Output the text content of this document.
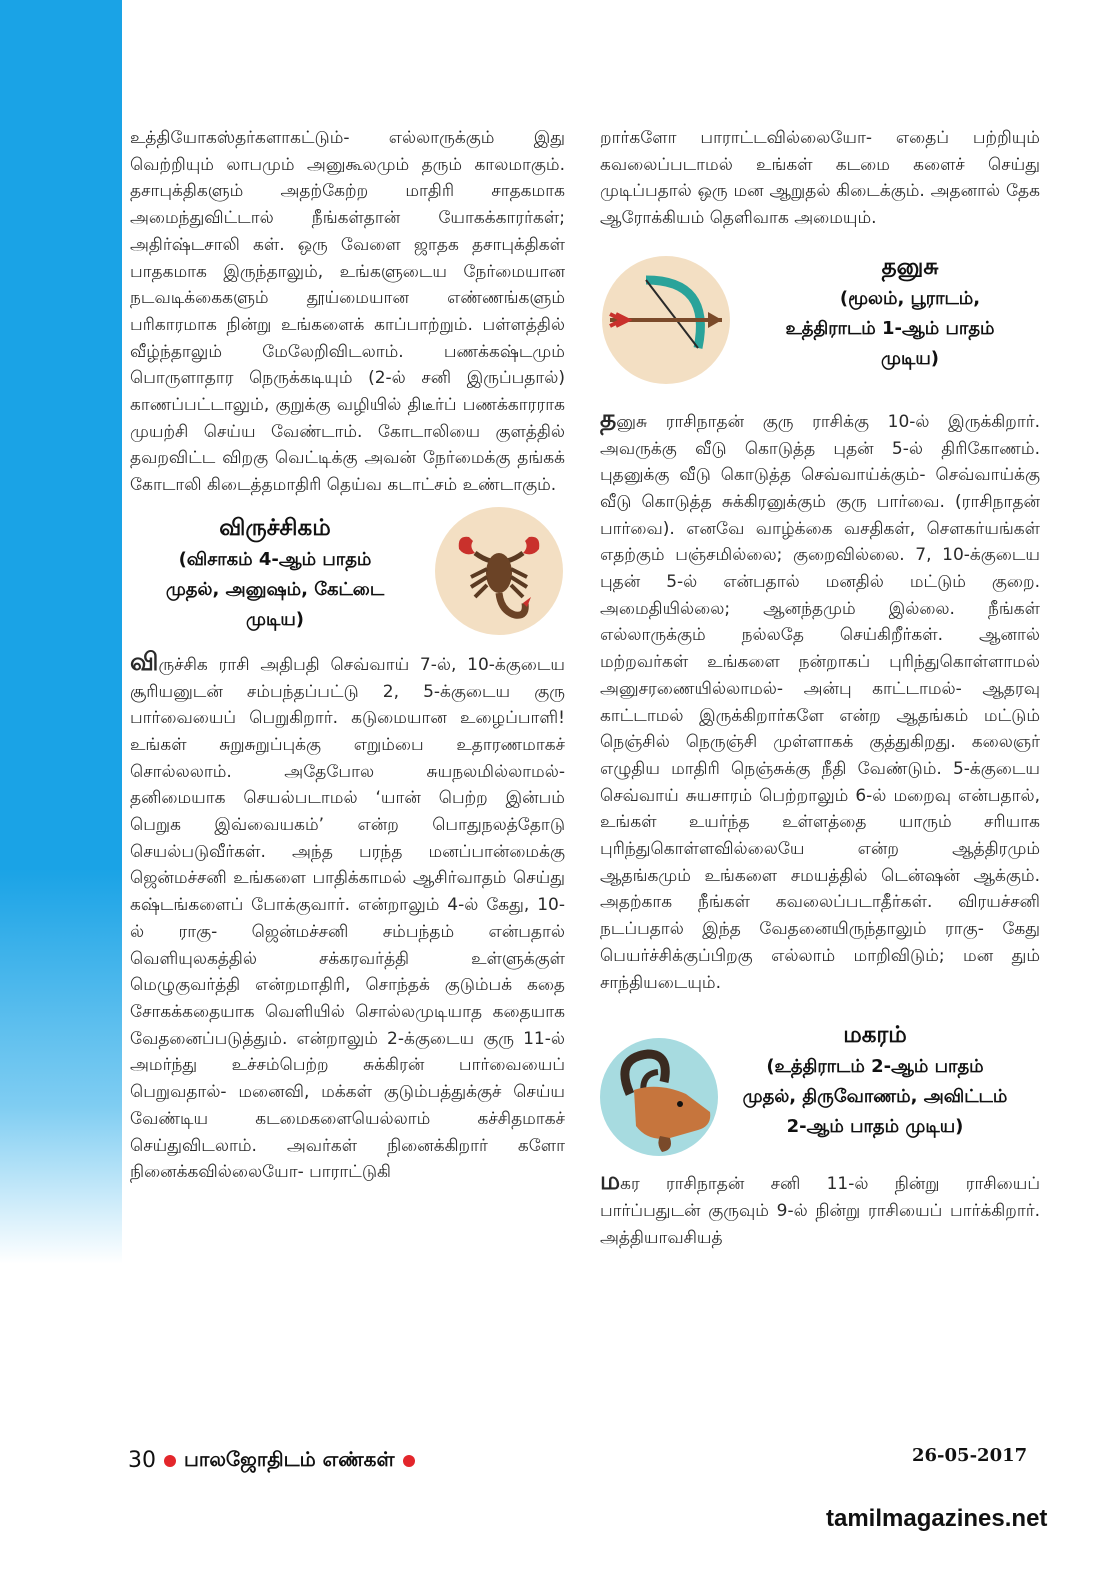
உத்தியோகஸ்தர்களாகட்டும்- எல்லாருக்கும் இது வெற்றியும் லாபமும் அனுகூலமும் தரும் காலமாகும். தசாபுக்திகளும் அதற்கேற்ற மாதிரி சாதகமாக அமைந்துவிட்டால் நீங்கள்தான் யோகக்காரர்கள்; அதிர்ஷ்டசாலி கள். ஒரு வேளை ஜாதக தசாபுக்திகள் பாதகமாக இருந்தாலும், உங்களுடைய நேர்மையான நடவடிக்கைகளும் தூய்மையான எண்ணங்களும் பரிகாரமாக நின்று உங்களைக் காப்பாற்றும். பள்ளத்தில் வீழ்ந்தாலும் மேலேறிவிடலாம். பணக்கஷ்டமும் பொருளாதார நெருக்கடியும் (2-ல் சனி இருப்பதால்) காணப்பட்டாலும், குறுக்கு வழியில் திடீர்ப் பணக்காரராக முயற்சி செய்ய வேண்டாம். கோடாலியை குளத்தில் தவறவிட்ட விறகு வெட்டிக்கு அவன் நேர்மைக்கு தங்கக் கோடாலி கிடைத்தமாதிரி தெய்வ கடாட்சம் உண்டாகும்.

விருச்சிகம்
(விசாகம் 4-ஆம் பாதம்
முதல், அனுஷம், கேட்டை
முடிய)

விருச்சிக ராசி அதிபதி செவ்வாய் 7-ல், 10-க்குடைய சூரியனுடன் சம்பந்தப்பட்டு 2, 5-க்குடைய குரு பார்வையைப் பெறுகிறார். கடுமையான உழைப்பாளி! உங்கள் சுறுசுறுப்புக்கு எறும்பை உதாரணமாகச் சொல்லலாம். அதேபோல சுயநலமில்லாமல்- தனிமையாக செயல்படாமல் ‘யான் பெற்ற இன்பம் பெறுக இவ்வையகம்’ என்ற பொதுநலத்தோடு செயல்படுவீர்கள். அந்த பரந்த மனப்பான்மைக்கு ஜென்மச்சனி உங்களை பாதிக்காமல் ஆசிர்வாதம் செய்து கஷ்டங்களைப் போக்குவார். என்றாலும் 4-ல் கேது, 10-ல் ராகு- ஜென்மச்சனி சம்பந்தம் என்பதால் வெளியுலகத்தில் சக்கரவர்த்தி உள்ளுக்குள் மெழுகுவர்த்தி என்றமாதிரி, சொந்தக் குடும்பக் கதை சோகக்கதையாக வெளியில் சொல்லமுடியாத கதையாக வேதனைப்படுத்தும். என்றாலும் 2-க்குடைய குரு 11-ல் அமர்ந்து உச்சம்பெற்ற சுக்கிரன் பார்வையைப் பெறுவதால்- மனைவி, மக்கள் குடும்பத்துக்குச் செய்ய வேண்டிய கடமைகளையெல்லாம் கச்சிதமாகச் செய்துவிடலாம். அவர்கள் நினைக்கிறார் களோ நினைக்கவில்லையோ- பாராட்டுகி

றார்களோ பாராட்டவில்லையோ- எதைப் பற்றியும் கவலைப்படாமல் உங்கள் கடமை களைச் செய்து முடிப்பதால் ஒரு மன ஆறுதல் கிடைக்கும். அதனால் தேக ஆரோக்கியம் தெளிவாக அமையும்.

தனுசு
(மூலம், பூராடம்,
உத்திராடம் 1-ஆம் பாதம்
முடிய)

தனுசு ராசிநாதன் குரு ராசிக்கு 10-ல் இருக்கிறார். அவருக்கு வீடு கொடுத்த புதன் 5-ல் திரிகோணம். புதனுக்கு வீடு கொடுத்த செவ்வாய்க்கும்- செவ்வாய்க்கு வீடு கொடுத்த சுக்கிரனுக்கும் குரு பார்வை. (ராசிநாதன் பார்வை). எனவே வாழ்க்கை வசதிகள், சௌகர்யங்கள் எதற்கும் பஞ்சமில்லை; குறைவில்லை. 7, 10-க்குடைய புதன் 5-ல் என்பதால் மனதில் மட்டும் குறை. அமைதியில்லை; ஆனந்தமும் இல்லை. நீங்கள் எல்லாருக்கும் நல்லதே செய்கிறீர்கள். ஆனால் மற்றவர்கள் உங்களை நன்றாகப் புரிந்துகொள்ளாமல் அனுசரணையில்லாமல்- அன்பு காட்டாமல்- ஆதரவு காட்டாமல் இருக்கிறார்களே என்ற ஆதங்கம் மட்டும் நெஞ்சில் நெருஞ்சி முள்ளாகக் குத்துகிறது. கலைஞர் எழுதிய மாதிரி நெஞ்சுக்கு நீதி வேண்டும். 5-க்குடைய செவ்வாய் சுயசாரம் பெற்றாலும் 6-ல் மறைவு என்பதால், உங்கள் உயர்ந்த உள்ளத்தை யாரும் சரியாக புரிந்துகொள்ளவில்லையே என்ற ஆத்திரமும் ஆதங்கமும் உங்களை சமயத்தில் டென்ஷன் ஆக்கும். அதற்காக நீங்கள் கவலைப்படாதீர்கள். விரயச்சனி நடப்பதால் இந்த வேதனையிருந்தாலும் ராகு- கேது பெயர்ச்சிக்குப்பிறகு எல்லாம் மாறிவிடும்; மன தும் சாந்தியடையும்.

மகரம்
(உத்திராடம் 2-ஆம் பாதம்
முதல், திருவோணம், அவிட்டம்
2-ஆம் பாதம் முடிய)

மகர ராசிநாதன் சனி 11-ல் நின்று ராசியைப் பார்ப்பதுடன் குருவும் 9-ல் நின்று ராசியைப் பார்க்கிறார். அத்தியாவசியத்

30 பாலஜோதிடம் எண்கள்	26-05-2017
tamilmagazines.net
